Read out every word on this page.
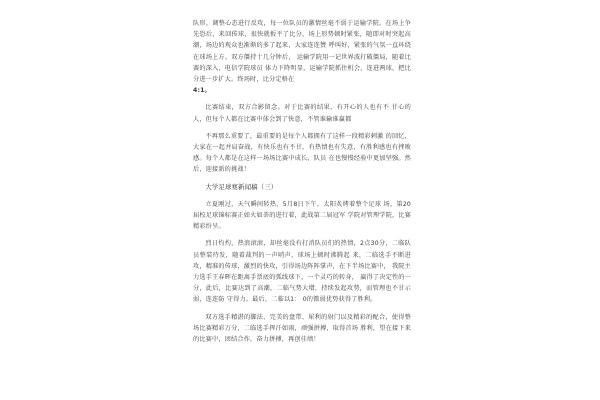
队形，调整心态进行反攻，每一位队员的激情丝毫不弱于运输学院。在场上争先恐后，来回传球，很快就扳平了比分，场上形势顿时紧张，随即对时突起高潮，场边的观众也渐渐的多了起来，大家连连赞 呼叫好，紧张的气氛一直环绕在球场上方。双方僵持十几分钟后， 运输学院用一记世界波打破僵局，随着比赛的深入，电信学院球员 体力下降明显，运输学院抓住机会，连进两球，把比分进一步扩大。终场时，比分定格在

4:1。

比赛结束，双方合影留念。对于比赛的结果，有开心的人也有不 甘心的人，但每个人都在比赛中体会到了快意，不管谁输谁赢都

不再那么重要了，最重要的是每个人都拥有了这样一段精彩刺激 的回忆，大家在一起并肩奋战，有快乐也有不甘，有热情也有失意，有胜利感也有挫败感。每个人都是在这样一场场比赛中成长，队员 在也慢慢经验中更加坚强。然后，迎接新的挑战！

大学足球赛新闻稿（三）

立夏刚过，天气瞬间转热，5月8日下午，太阳炙烤着整个足球 场，第20届校足球锦标赛正如火如荼的进行着，此战第二届冠军 学院对管理学院，比赛精彩纷呈。

烈日灼灼，热浪滚滚，却丝毫没有打消队员们的热情，2点30分，二临队员整装待发，随着裁判的一声哨声，球场上顿时沸腾起 来，二临选手不断进攻，精准的传球，激烈的快攻，引得场边阵阵掌声，在下半场比赛中， 我院主力选手王春晖在距离手票底的弧线球下，一个灵巧的转身， 赢得了决定性的一分，此后，比赛达到了高潮，二临气势大增，持续发起攻势，而管理也不甘示弱，连连防 守得力。最后，二临以1： 0的微弱优势获得了胜利。

双方选手精湛的脚法、完美的盘带、犀利的射门以及精彩的配合，使得整场比赛精彩万分，二临选手挥汗如雨，顽强拼搏，取得首场 胜利，望在接下来的比赛中，团结合作，奋力拼搏，再创佳绩！
